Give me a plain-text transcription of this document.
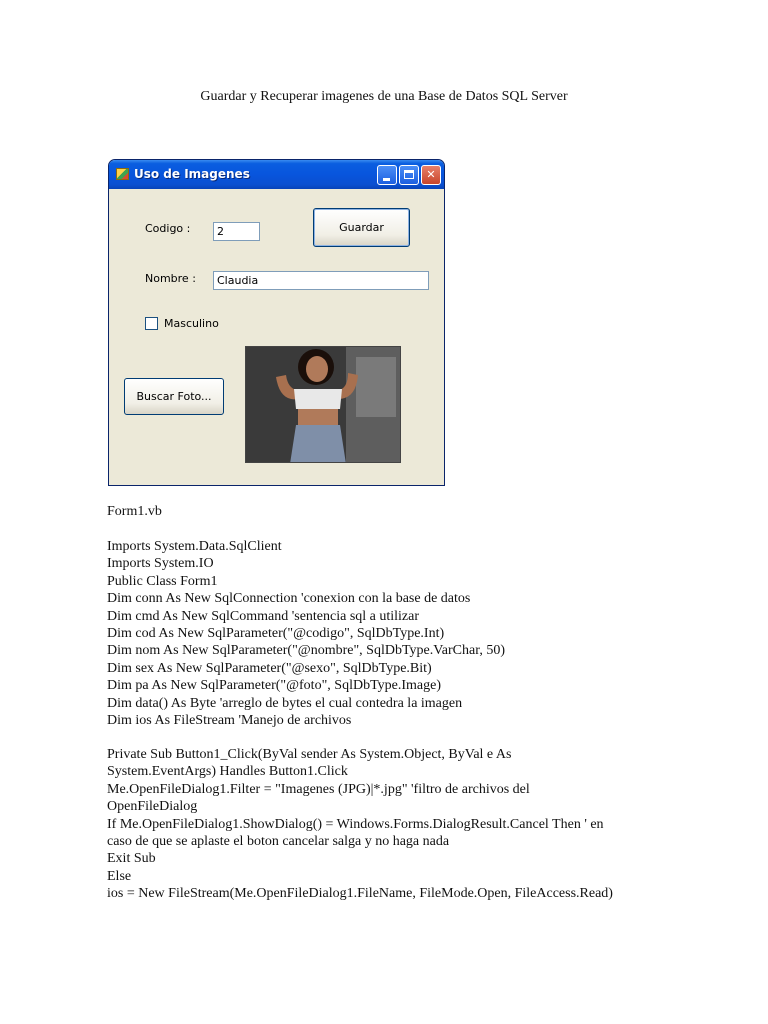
Guardar y Recuperar imagenes de una Base de Datos SQL Server
Uso de Imagenes	✕
Codigo :	2	Guardar
Nombre :	Claudia
Masculino
Buscar Foto...
Form1.vb
Imports System.Data.SqlClient
Imports System.IO
Public Class Form1
Dim conn As New SqlConnection 'conexion con la base de datos
Dim cmd As New SqlCommand 'sentencia sql a utilizar
Dim cod As New SqlParameter("@codigo", SqlDbType.Int)
Dim nom As New SqlParameter("@nombre", SqlDbType.VarChar, 50)
Dim sex As New SqlParameter("@sexo", SqlDbType.Bit)
Dim pa As New SqlParameter("@foto", SqlDbType.Image)
Dim data() As Byte 'arreglo de bytes el cual contedra la imagen
Dim ios As FileStream 'Manejo de archivos
Private Sub Button1_Click(ByVal sender As System.Object, ByVal e As
System.EventArgs) Handles Button1.Click
Me.OpenFileDialog1.Filter = "Imagenes (JPG)|*.jpg" 'filtro de archivos del
OpenFileDialog
If Me.OpenFileDialog1.ShowDialog() = Windows.Forms.DialogResult.Cancel Then ' en
caso de que se aplaste el boton cancelar salga y no haga nada
Exit Sub
Else
ios = New FileStream(Me.OpenFileDialog1.FileName, FileMode.Open, FileAccess.Read)
